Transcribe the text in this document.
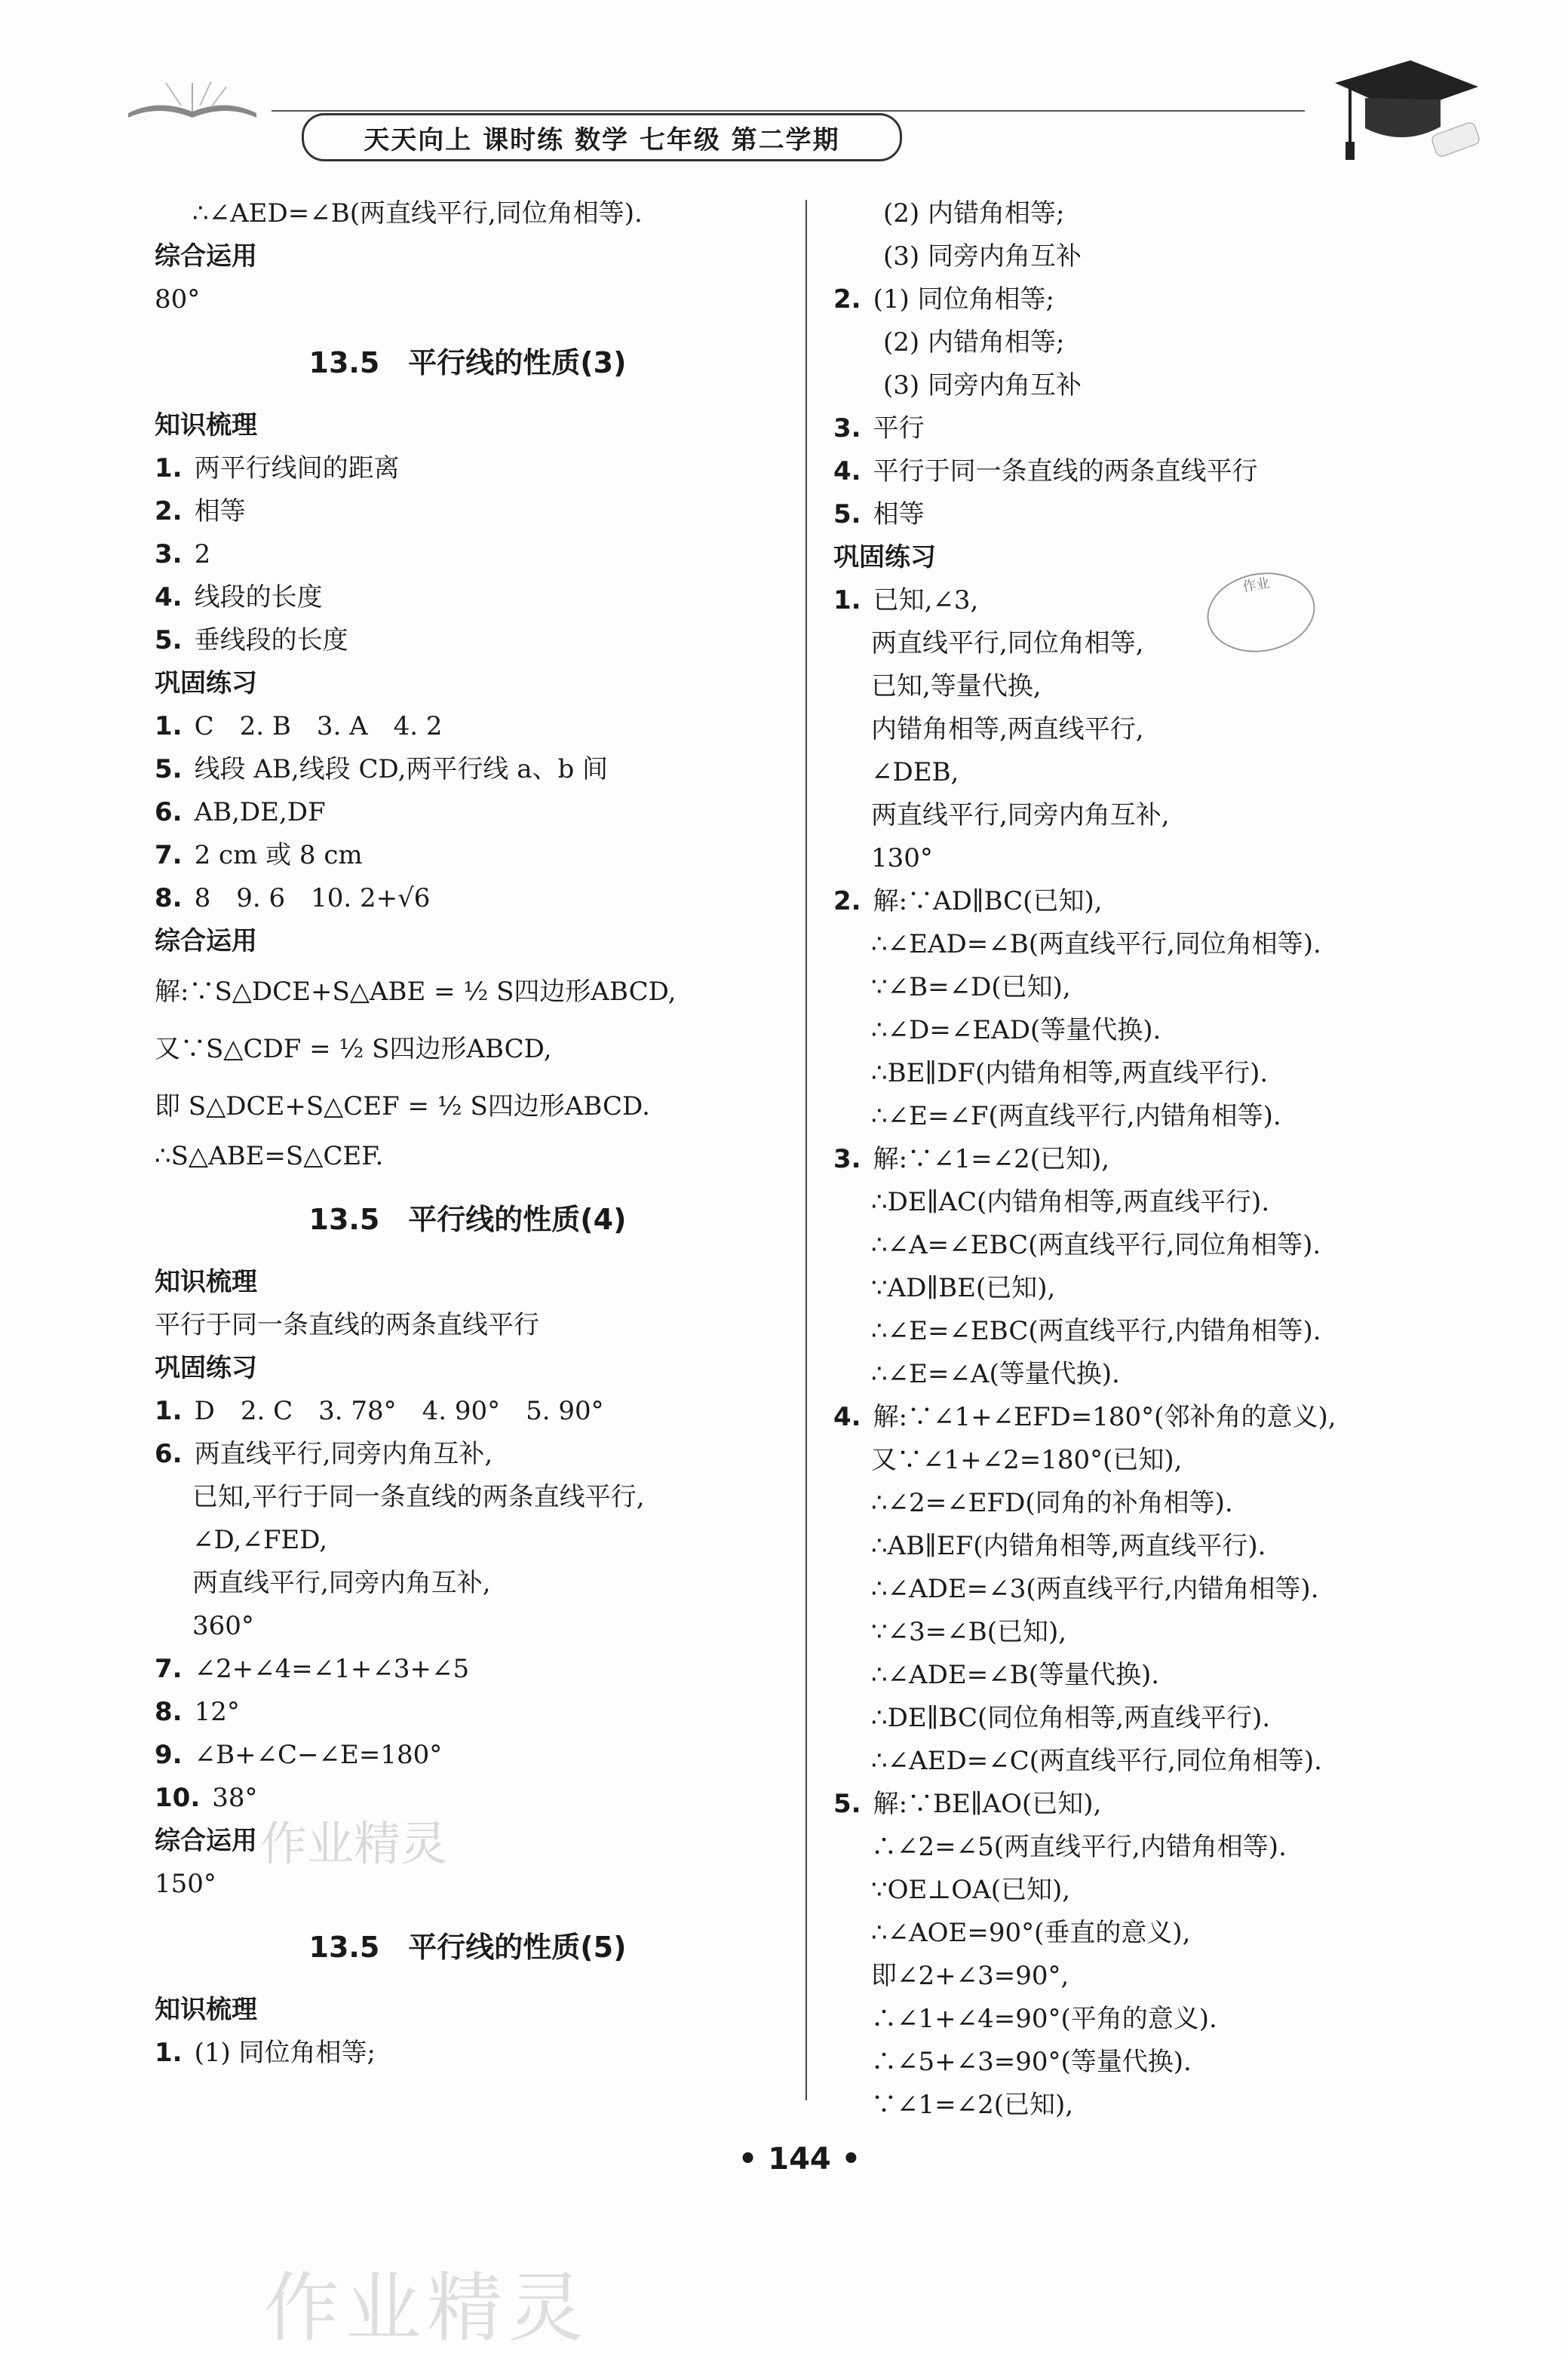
天天向上 课时练 数学 七年级 第二学期
∴∠AED=∠B(两直线平行,同位角相等).
综合运用
80°
13.5　平行线的性质(3)
知识梳理
1. 两平行线间的距离
2. 相等
3. 2
4. 线段的长度
5. 垂线段的长度
巩固练习
1. C　2. B　3. A　4. 2
5. 线段 AB,线段 CD,两平行线 a、b 间
6. AB,DE,DF
7. 2 cm 或 8 cm
8. 8　9. 6　10. 2+√6
综合运用
解:∵S△DCE+S△ABE = ½ S四边形ABCD,
又∵S△CDF = ½ S四边形ABCD,
即 S△DCE+S△CEF = ½ S四边形ABCD.
∴S△ABE=S△CEF.
13.5　平行线的性质(4)
知识梳理
平行于同一条直线的两条直线平行
巩固练习
1. D　2. C　3. 78°　4. 90°　5. 90°
6. 两直线平行,同旁内角互补,
已知,平行于同一条直线的两条直线平行,
∠D,∠FED,
两直线平行,同旁内角互补,
360°
7. ∠2+∠4=∠1+∠3+∠5
8. 12°
9. ∠B+∠C−∠E=180°
10. 38°
综合运用
150°
13.5　平行线的性质(5)
知识梳理
1. (1) 同位角相等;
(2) 内错角相等;
(3) 同旁内角互补
2. (1) 同位角相等;
(2) 内错角相等;
(3) 同旁内角互补
3. 平行
4. 平行于同一条直线的两条直线平行
5. 相等
巩固练习
1. 已知,∠3,
两直线平行,同位角相等,
已知,等量代换,
内错角相等,两直线平行,
∠DEB,
两直线平行,同旁内角互补,
130°
2. 解:∵AD∥BC(已知),
∴∠EAD=∠B(两直线平行,同位角相等).
∵∠B=∠D(已知),
∴∠D=∠EAD(等量代换).
∴BE∥DF(内错角相等,两直线平行).
∴∠E=∠F(两直线平行,内错角相等).
3. 解:∵∠1=∠2(已知),
∴DE∥AC(内错角相等,两直线平行).
∴∠A=∠EBC(两直线平行,同位角相等).
∵AD∥BE(已知),
∴∠E=∠EBC(两直线平行,内错角相等).
∴∠E=∠A(等量代换).
4. 解:∵∠1+∠EFD=180°(邻补角的意义),
又∵∠1+∠2=180°(已知),
∴∠2=∠EFD(同角的补角相等).
∴AB∥EF(内错角相等,两直线平行).
∴∠ADE=∠3(两直线平行,内错角相等).
∵∠3=∠B(已知),
∴∠ADE=∠B(等量代换).
∴DE∥BC(同位角相等,两直线平行).
∴∠AED=∠C(两直线平行,同位角相等).
5. 解:∵BE∥AO(已知),
∴∠2=∠5(两直线平行,内错角相等).
∵OE⊥OA(已知),
∴∠AOE=90°(垂直的意义),
即∠2+∠3=90°,
∴∠1+∠4=90°(平角的意义).
∴∠5+∠3=90°(等量代换).
∵∠1=∠2(已知),
作业
作业精灵
• 144 •
作业精灵
